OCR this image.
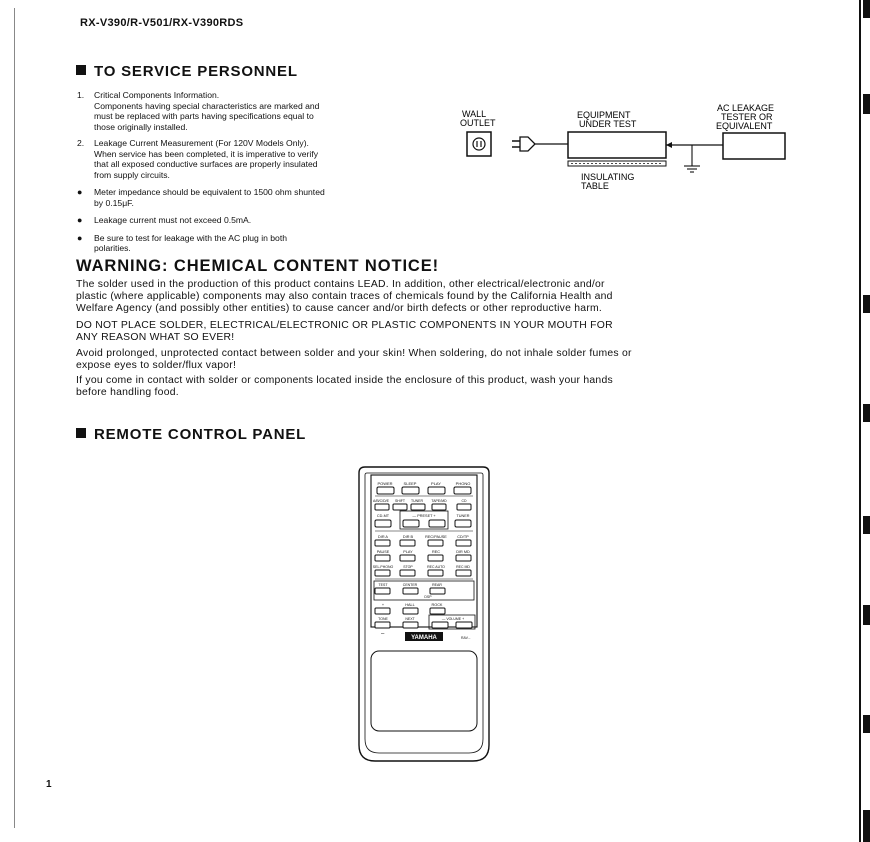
RX-V390/R-V501/RX-V390RDS
TO SERVICE PERSONNEL
1. Critical Components Information.
Components having special characteristics are marked and
must be replaced with parts having specifications equal to
those originally installed.
2. Leakage Current Measurement (For 120V Models Only).
When service has been completed, it is imperative to verify
that all exposed conductive surfaces are properly insulated
from supply circuits.
● Meter impedance should be equivalent to 1500 ohm shunted
by 0.15μF.
● Leakage current must not exceed 0.5mA.
● Be sure to test for leakage with the AC plug in both
polarities.
WALL
OUTLET
EQUIPMENT
UNDER TEST
AC LEAKAGE
TESTER OR
EQUIVALENT
INSULATING
TABLE
WARNING: CHEMICAL CONTENT NOTICE!
The solder used in the production of this product contains LEAD. In addition, other electrical/electronic and/or
plastic (where applicable) components may also contain traces of chemicals found by the California Health and
Welfare Agency (and possibly other entities) to cause cancer and/or birth defects or other reproductive harm.
DO NOT PLACE SOLDER, ELECTRICAL/ELECTRONIC OR PLASTIC COMPONENTS IN YOUR MOUTH FOR
ANY REASON WHAT SO EVER!
Avoid prolonged, unprotected contact between solder and your skin! When soldering, do not inhale solder fumes or
expose eyes to solder/flux vapor!
If you come in contact with solder or components located inside the enclosure of this product, wash your hands
before handling food.
REMOTE CONTROL PANEL
POWER	SLEEP	PLAY	PHONO
A/B/C/D/E SHIFT TUNER TAPE/MD	CD
CD-MT	— PRESET +	TUNER
DIR A	DIR B	REC/PAUSE	CD/TP
PAUSE	PLAY	REC	DIR MD
SEL.PHONO	STOP	REC AUTO	REC MD
TEST	CENTER	REAR
DSP
+	HALL	ROCK
TONE	NEXT	— VOLUME +
–
RAV...
YAMAHA
1
